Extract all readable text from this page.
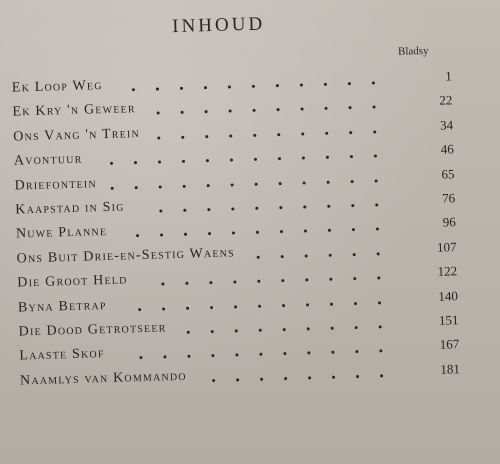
INHOUD
Bladsy
Ek Loop Weg
1
Ek Kry 'n Geweer
22
Ons Vang 'n Trein
34
Avontuur
46
Driefontein
65
Kaapstad in Sig
76
Nuwe Planne
96
Ons Buit Drie-en-Sestig Waens	107
Die Groot Held
122
Byna Betrap
140
Die Dood Getrotseer
151
Laaste Skof
167
Naamlys van Kommando	181
